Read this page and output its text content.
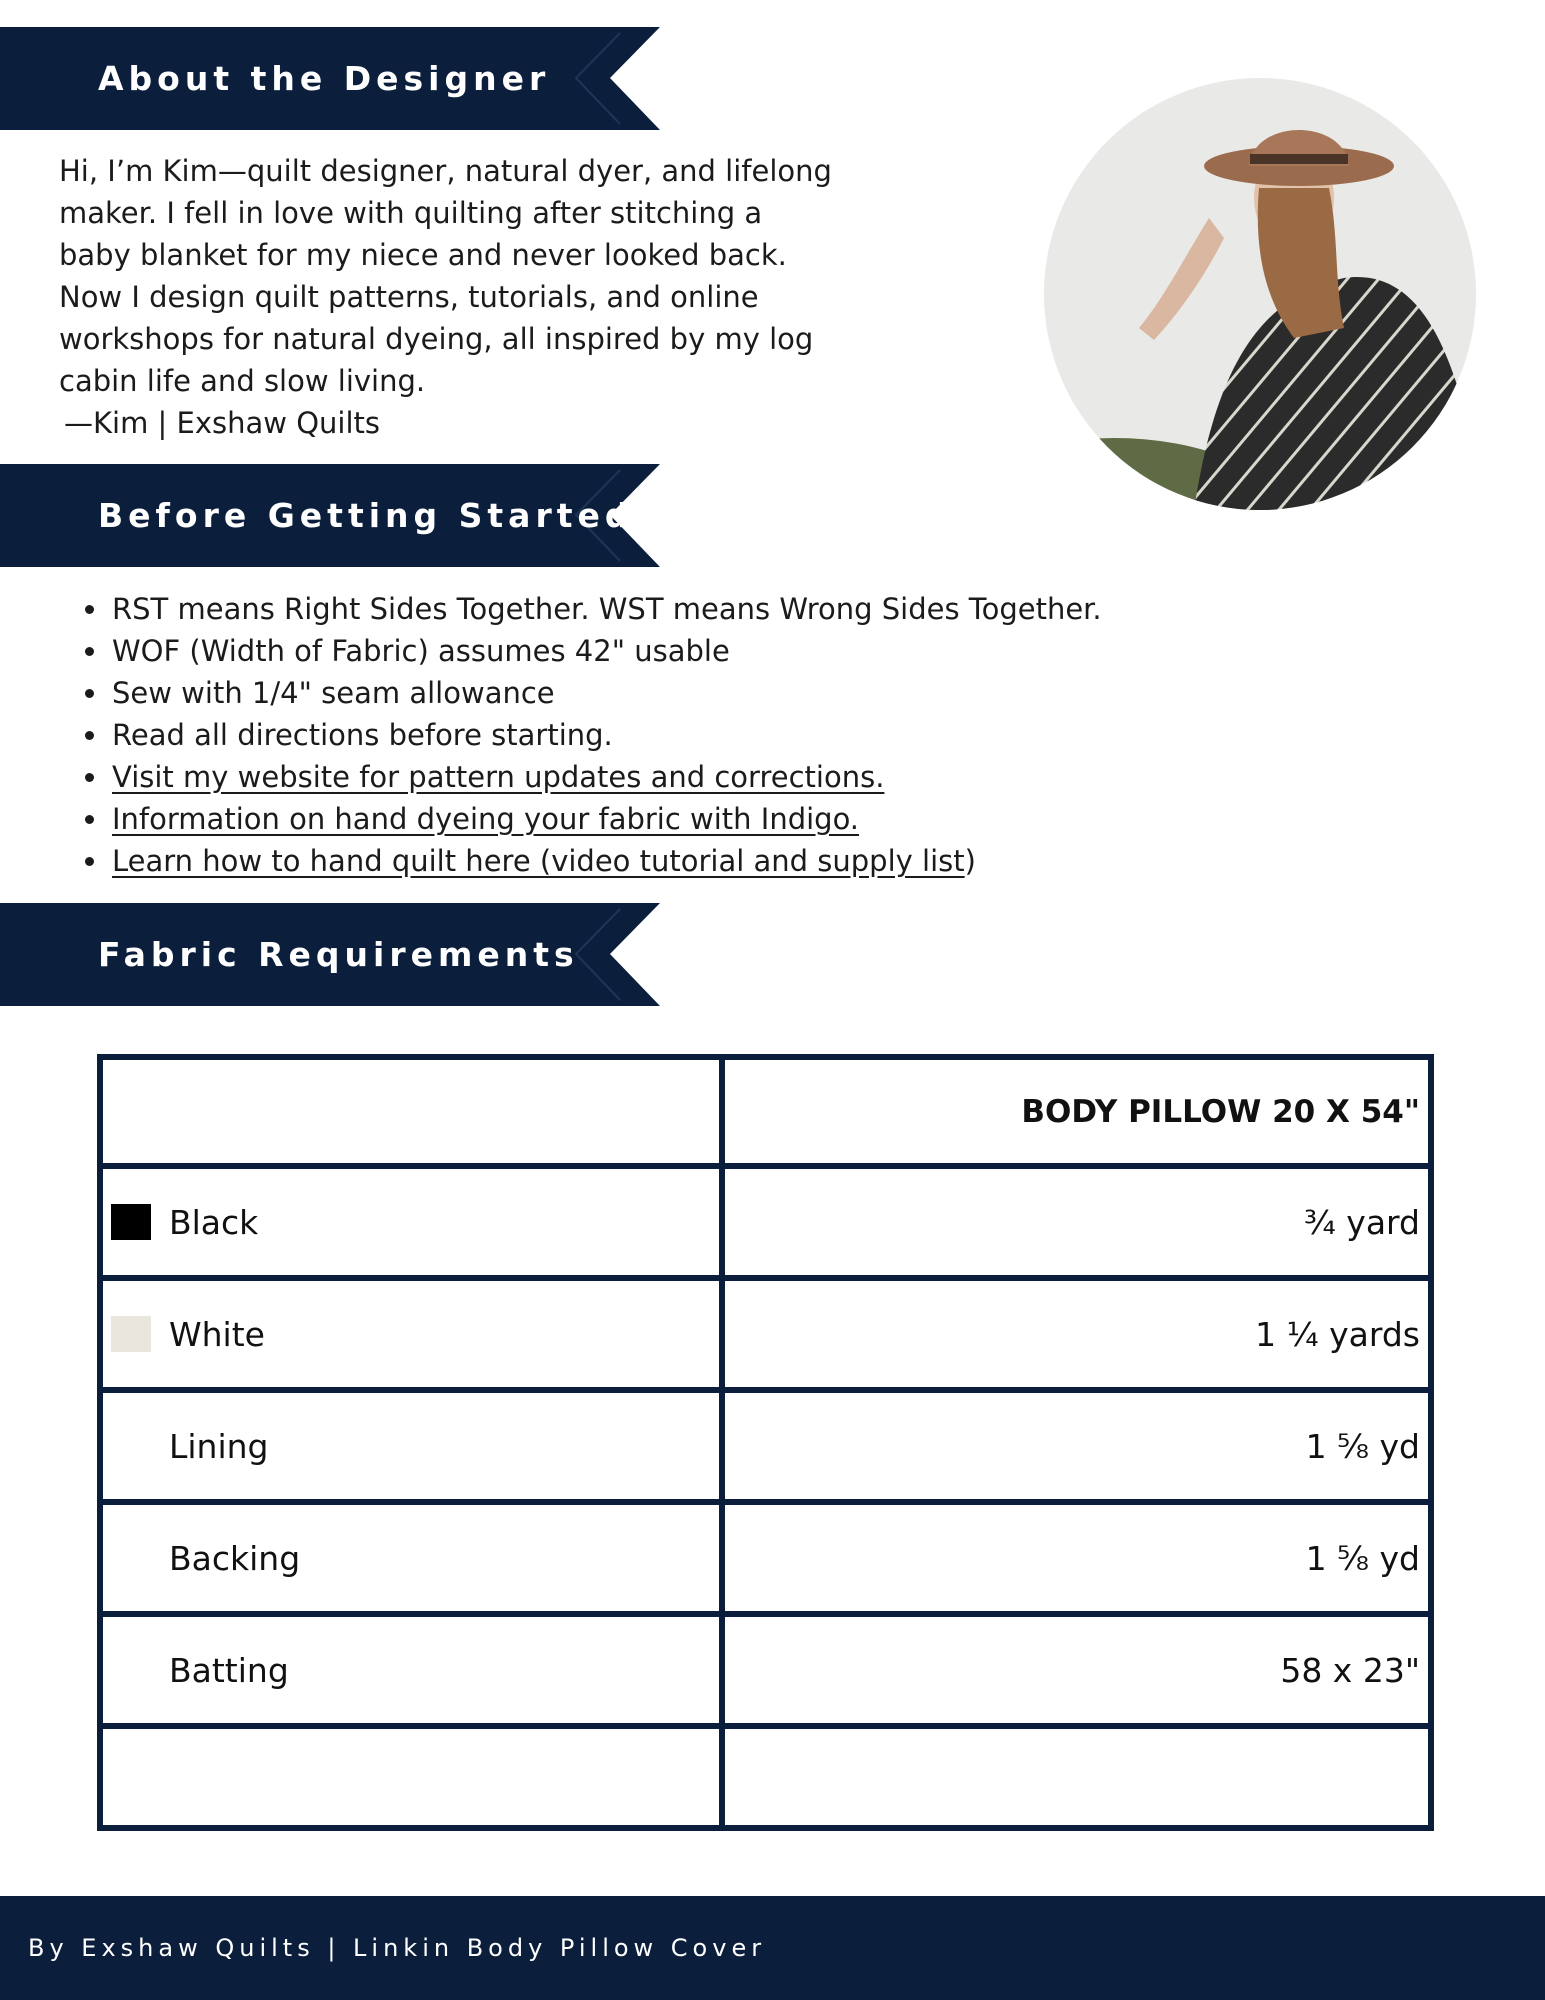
About the Designer

Hi, I’m Kim—quilt designer, natural dyer, and lifelong maker. I fell in love with quilting after stitching a baby blanket for my niece and never looked back. Now I design quilt patterns, tutorials, and online workshops for natural dyeing, all inspired by my log cabin life and slow living.

—Kim | Exshaw Quilts
Before Getting Started
• RST means Right Sides Together. WST means Wrong Sides Together.
• WOF (Width of Fabric) assumes 42" usable
• Sew with 1/4" seam allowance
• Read all directions before starting.
• Visit my website for pattern updates and corrections.
• Information on hand dyeing your fabric with Indigo.
• Learn how to hand quilt here (video tutorial and supply list)
Fabric Requirements
	BODY PILLOW 20 X 54"

Black	¾ yard

White	1 ¼ yards

Lining	1 ⅝ yd

Backing	1 ⅝ yd

Batting	58 x 23"

By Exshaw Quilts | Linkin Body Pillow Cover
